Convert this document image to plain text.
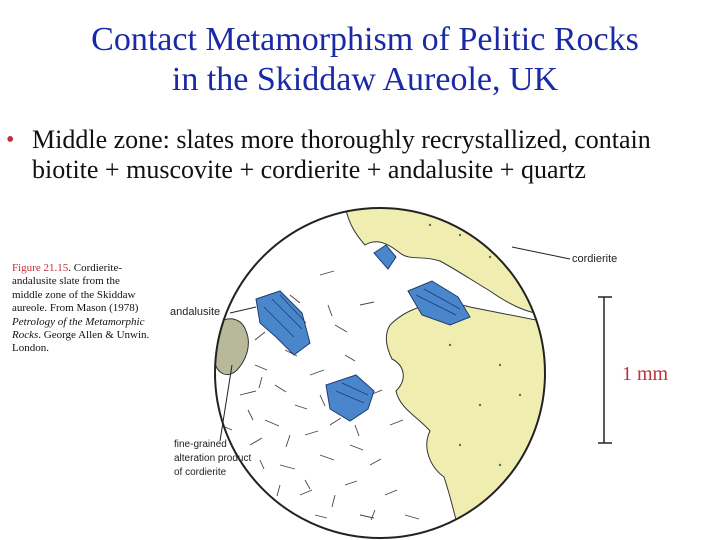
Contact Metamorphism of Pelitic Rocks
in the Skiddaw Aureole, UK
• Middle zone: slates more thoroughly recrystallized, contain biotite + muscovite + cordierite + andalusite + quartz
Figure 21.15. Cordierite-andalusite slate from the middle zone of the Skiddaw aureole. From Mason (1978) Petrology of the Metamorphic Rocks. George Allen & Unwin. London.
cordierite
andalusite
fine-grained
alteration product
of cordierite
1 mm
